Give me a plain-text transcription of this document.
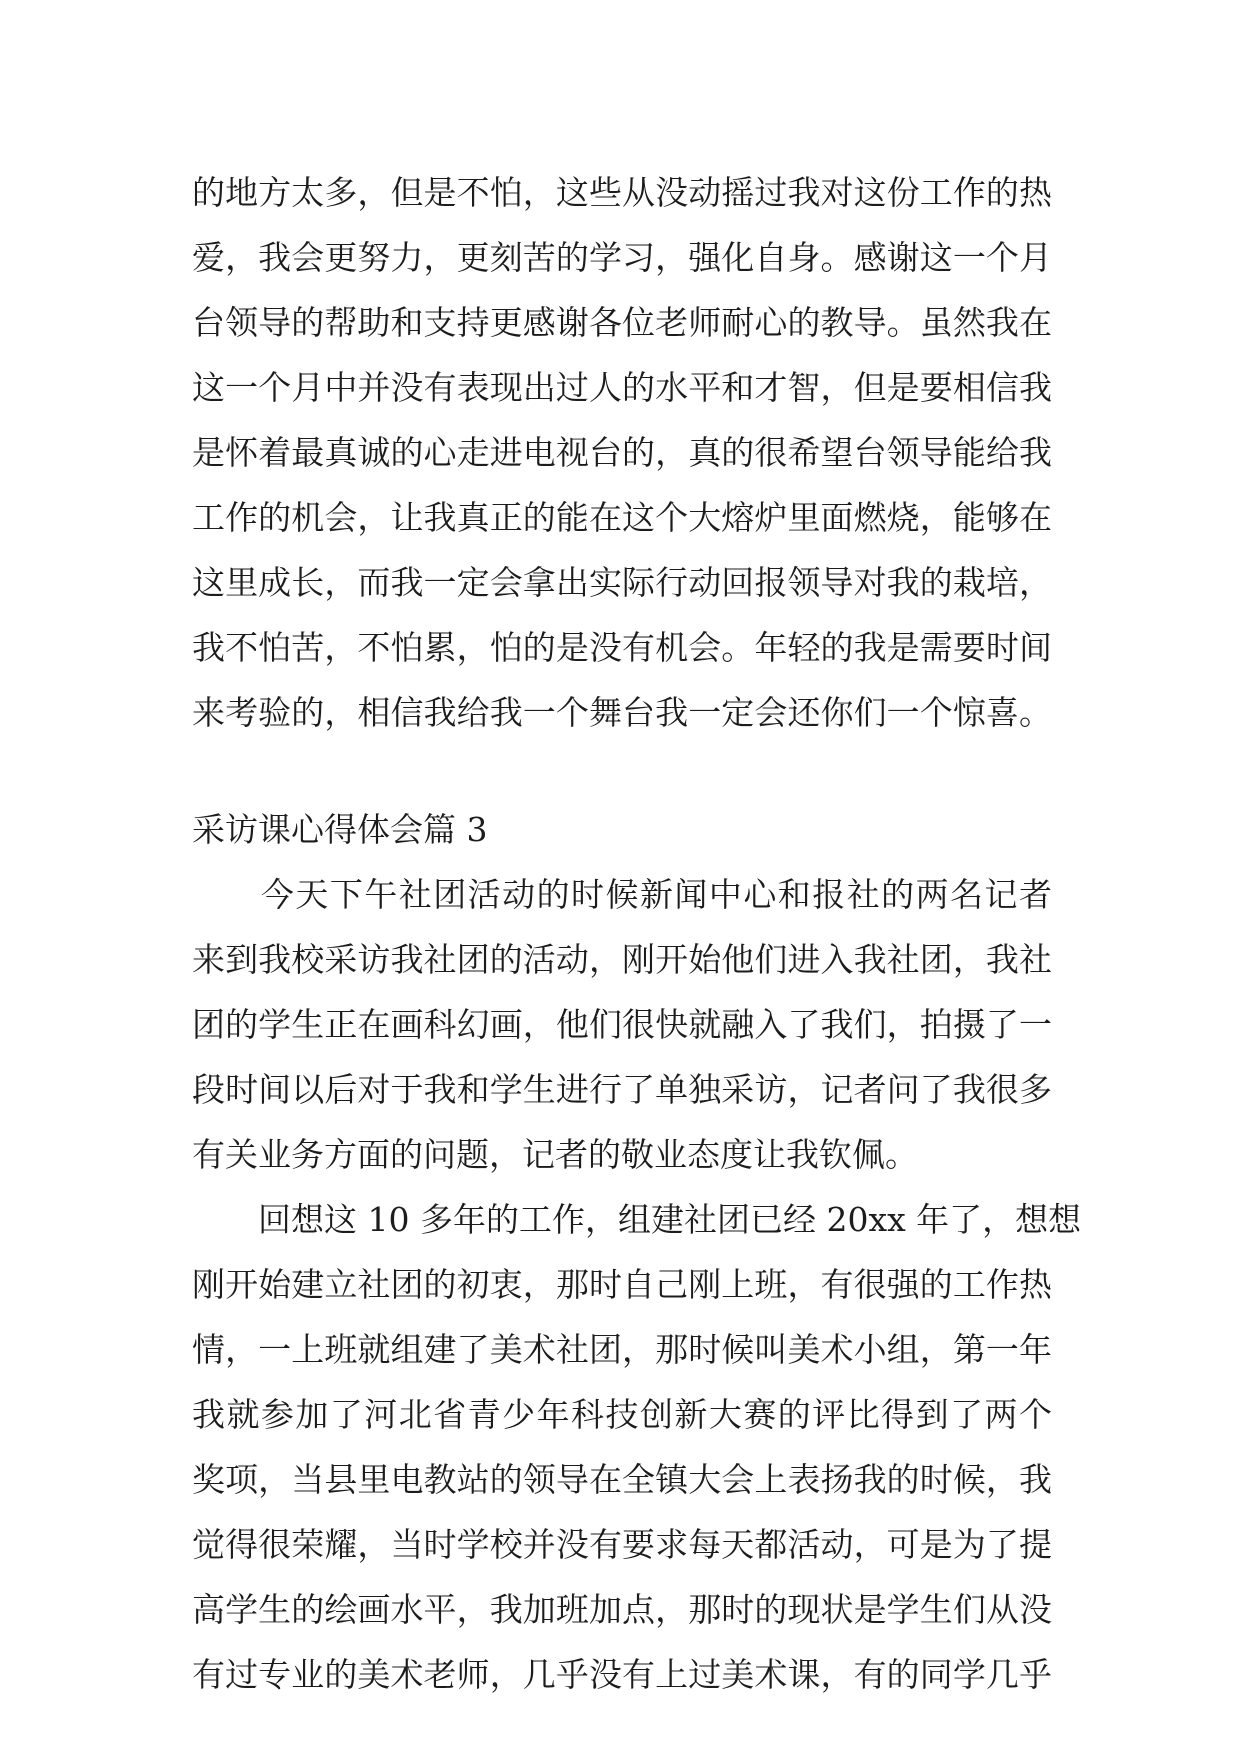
的地方太多，但是不怕，这些从没动摇过我对这份工作的热
爱，我会更努力，更刻苦的学习，强化自身。感谢这一个月
台领导的帮助和支持更感谢各位老师耐心的教导。虽然我在
这一个月中并没有表现出过人的水平和才智，但是要相信我
是怀着最真诚的心走进电视台的，真的很希望台领导能给我
工作的机会，让我真正的能在这个大熔炉里面燃烧，能够在
这里成长，而我一定会拿出实际行动回报领导对我的栽培，
我不怕苦，不怕累，怕的是没有机会。年轻的我是需要时间
来考验的，相信我给我一个舞台我一定会还你们一个惊喜。
采访课心得体会篇 3
　　今天下午社团活动的时候新闻中心和报社的两名记者
来到我校采访我社团的活动，刚开始他们进入我社团，我社
团的学生正在画科幻画，他们很快就融入了我们，拍摄了一
段时间以后对于我和学生进行了单独采访，记者问了我很多
有关业务方面的问题，记者的敬业态度让我钦佩。
　　回想这 10 多年的工作，组建社团已经 20xx 年了，想想
刚开始建立社团的初衷，那时自己刚上班，有很强的工作热
情，一上班就组建了美术社团，那时候叫美术小组，第一年
我就参加了河北省青少年科技创新大赛的评比得到了两个
奖项，当县里电教站的领导在全镇大会上表扬我的时候，我
觉得很荣耀，当时学校并没有要求每天都活动，可是为了提
高学生的绘画水平，我加班加点，那时的现状是学生们从没
有过专业的美术老师，几乎没有上过美术课，有的同学几乎
